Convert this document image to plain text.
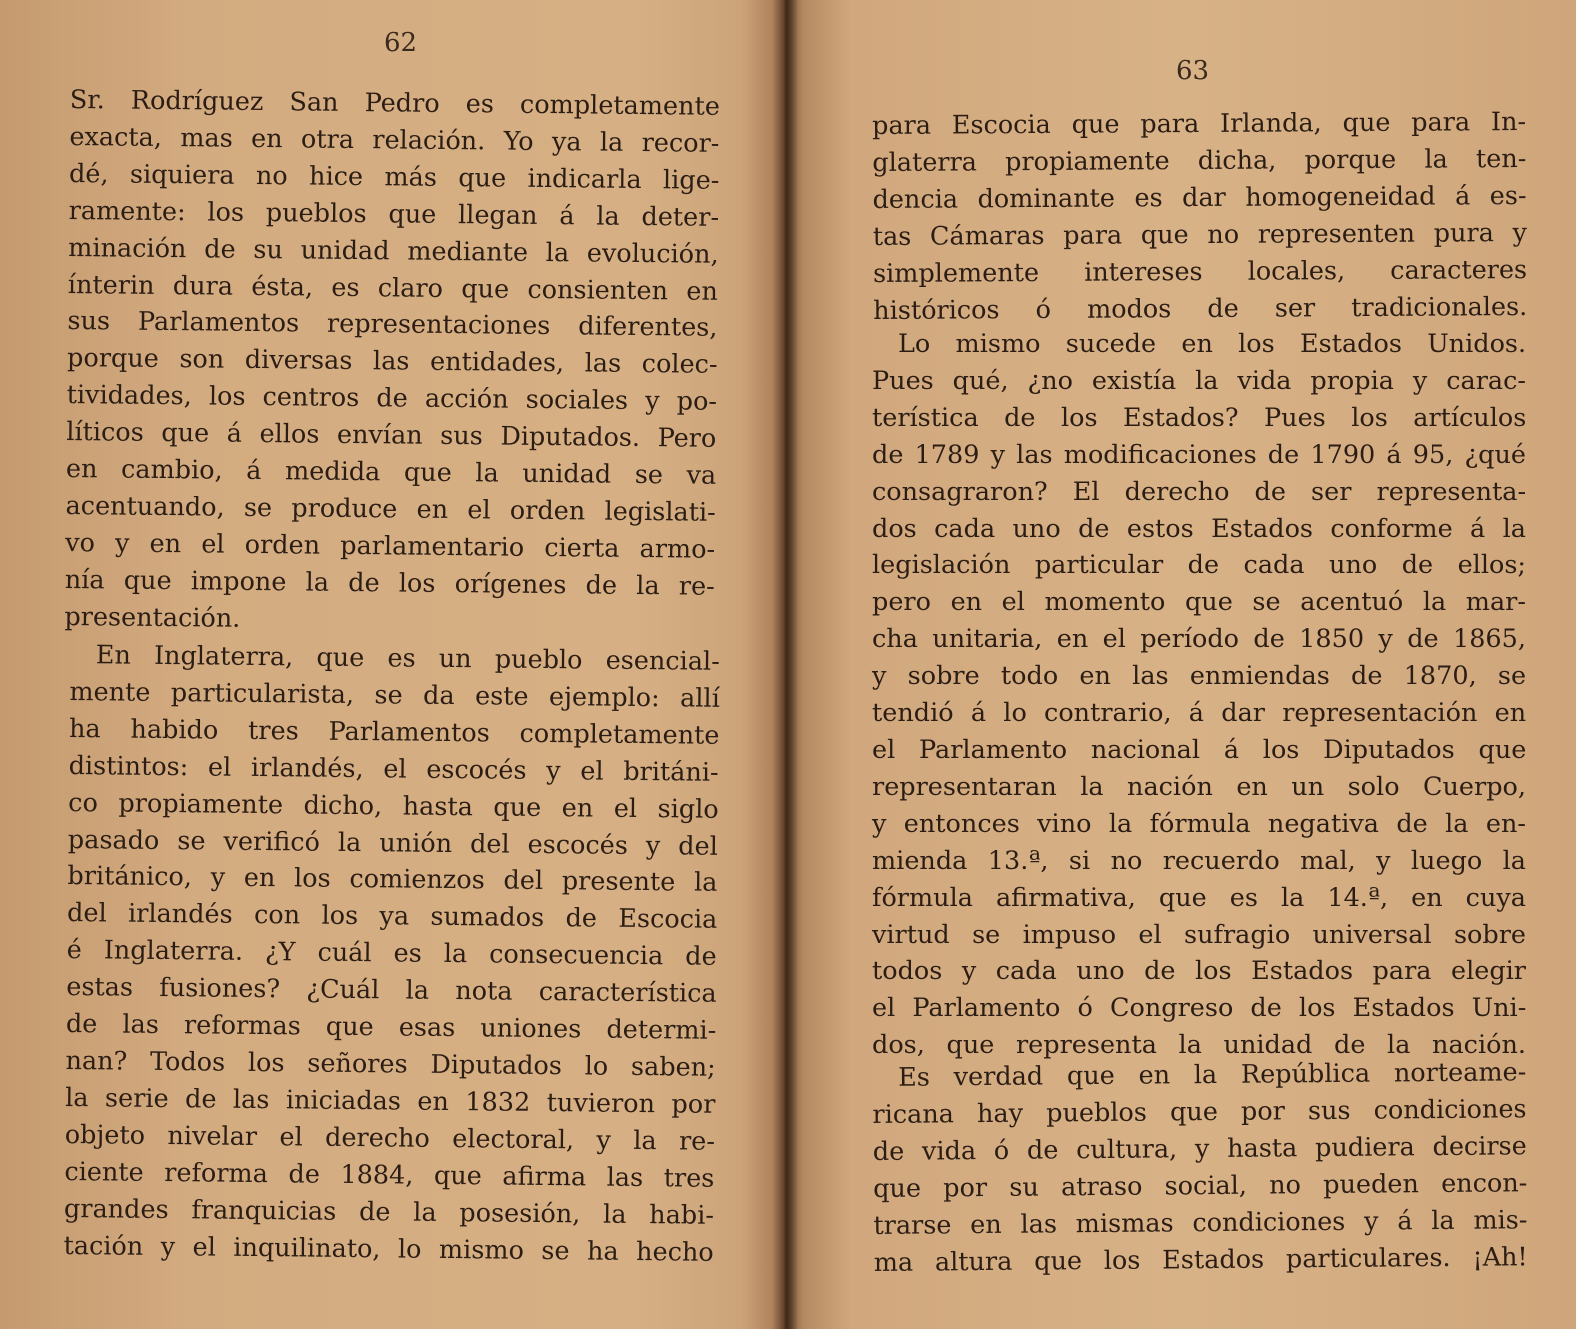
62

Sr. Rodríguez San Pedro es completamente
exacta, mas en otra relación. Yo ya la recor-
dé, siquiera no hice más que indicarla lige-
ramente: los pueblos que llegan á la deter-
minación de su unidad mediante la evolución,
ínterin dura ésta, es claro que consienten en
sus Parlamentos representaciones diferentes,
porque son diversas las entidades, las colec-
tividades, los centros de acción sociales y po-
líticos que á ellos envían sus Diputados. Pero
en cambio, á medida que la unidad se va
acentuando, se produce en el orden legislati-
vo y en el orden parlamentario cierta armo-
nía que impone la de los orígenes de la re-
presentación.

En Inglaterra, que es un pueblo esencial-
mente particularista, se da este ejemplo: allí
ha habido tres Parlamentos completamente
distintos: el irlandés, el escocés y el británi-
co propiamente dicho, hasta que en el siglo
pasado se verificó la unión del escocés y del
británico, y en los comienzos del presente la
del irlandés con los ya sumados de Escocia
é Inglaterra. ¿Y cuál es la consecuencia de
estas fusiones? ¿Cuál la nota característica
de las reformas que esas uniones determi-
nan? Todos los señores Diputados lo saben;
la serie de las iniciadas en 1832 tuvieron por
objeto nivelar el derecho electoral, y la re-
ciente reforma de 1884, que afirma las tres
grandes franquicias de la posesión, la habi-
tación y el inquilinato, lo mismo se ha hecho

63

para Escocia que para Irlanda, que para In-
glaterra propiamente dicha, porque la ten-
dencia dominante es dar homogeneidad á es-
tas Cámaras para que no representen pura y
simplemente intereses locales, caracteres
históricos ó modos de ser tradicionales.

Lo mismo sucede en los Estados Unidos.
Pues qué, ¿no existía la vida propia y carac-
terística de los Estados? Pues los artículos
de 1789 y las modificaciones de 1790 á 95, ¿qué
consagraron? El derecho de ser representa-
dos cada uno de estos Estados conforme á la
legislación particular de cada uno de ellos;
pero en el momento que se acentuó la mar-
cha unitaria, en el período de 1850 y de 1865,
y sobre todo en las enmiendas de 1870, se
tendió á lo contrario, á dar representación en
el Parlamento nacional á los Diputados que
representaran la nación en un solo Cuerpo,
y entonces vino la fórmula negativa de la en-
mienda 13.ª, si no recuerdo mal, y luego la
fórmula afirmativa, que es la 14.ª, en cuya
virtud se impuso el sufragio universal sobre
todos y cada uno de los Estados para elegir
el Parlamento ó Congreso de los Estados Uni-
dos, que representa la unidad de la nación.

Es verdad que en la República norteame-
ricana hay pueblos que por sus condiciones
de vida ó de cultura, y hasta pudiera decirse
que por su atraso social, no pueden encon-
trarse en las mismas condiciones y á la mis-
ma altura que los Estados particulares. ¡Ah!
